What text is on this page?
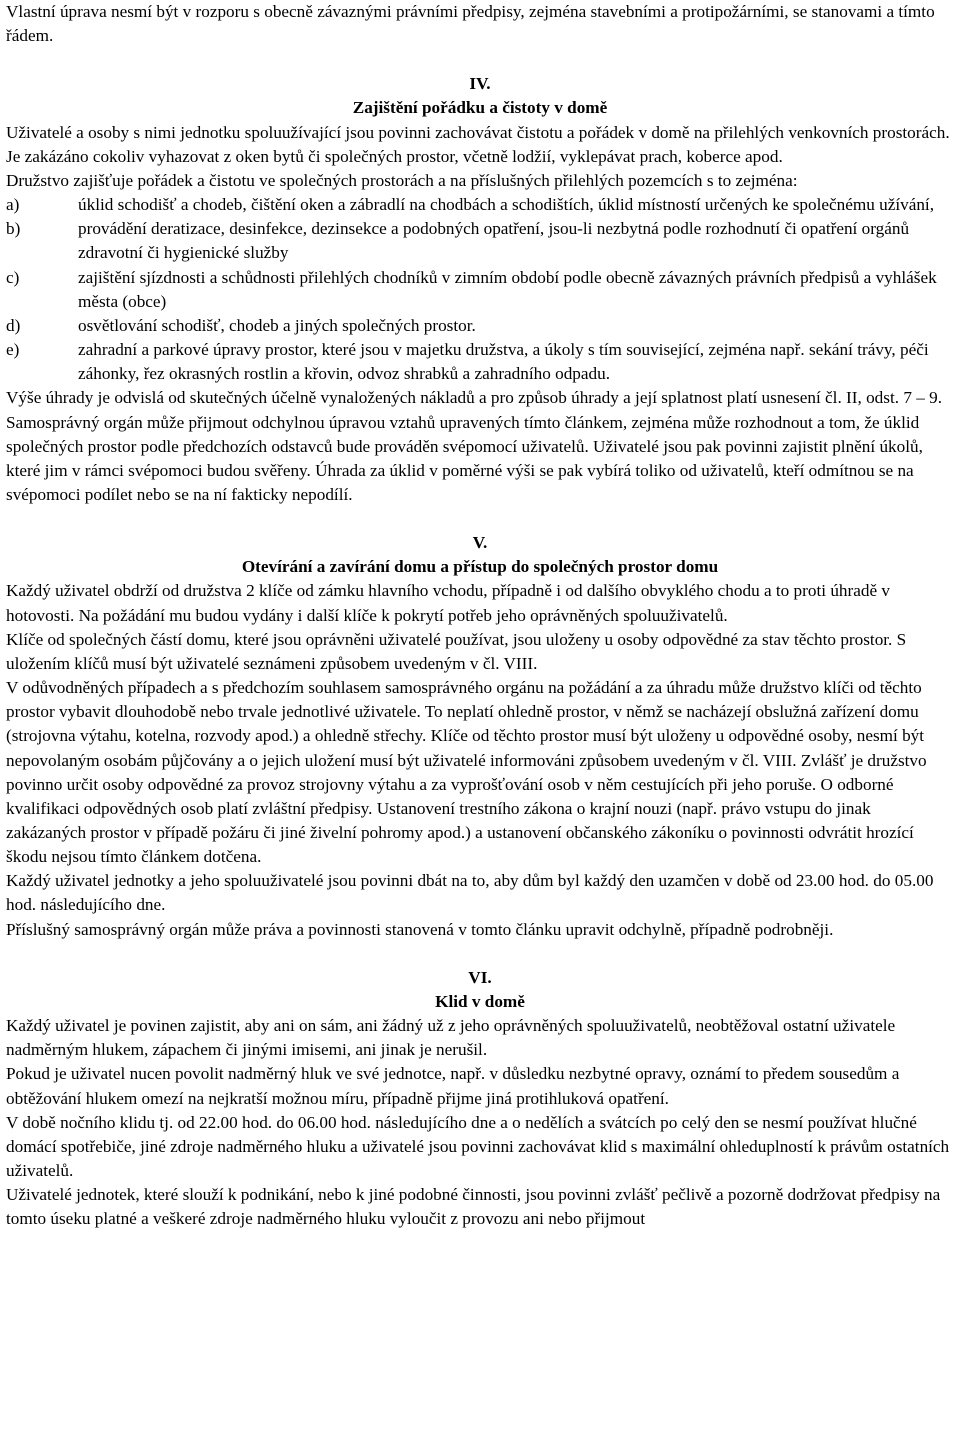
Vlastní úprava nesmí být v rozporu s obecně závaznými právními předpisy, zejména stavebními a protipožárními, se stanovami a tímto řádem.

IV.

Zajištění pořádku a čistoty v domě

Uživatelé a osoby s nimi jednotku spoluužívající jsou povinni zachovávat čistotu a pořádek v domě na přilehlých venkovních prostorách. Je zakázáno cokoliv vyhazovat z oken bytů či společných prostor, včetně lodžií, vyklepávat prach, koberce apod.

Družstvo zajišťuje pořádek a čistotu ve společných prostorách a na příslušných přilehlých pozemcích s to zejména:

a)	úklid schodišť a chodeb, čištění oken a zábradlí na chodbách a schodištích, úklid místností určených ke společnému užívání,
b)	provádění deratizace, desinfekce, dezinsekce a podobných opatření, jsou-li nezbytná podle rozhodnutí či opatření orgánů zdravotní či hygienické služby
c)	zajištění sjízdnosti a schůdnosti přilehlých chodníků v zimním období podle obecně závazných právních předpisů a vyhlášek města (obce)
d)	osvětlování schodišť, chodeb a jiných společných prostor.
e)	zahradní a parkové úpravy prostor, které jsou v majetku družstva, a úkoly s tím související, zejména např. sekání trávy, péči záhonky, řez okrasných rostlin a křovin, odvoz shrabků a zahradního odpadu.

Výše úhrady je odvislá od skutečných účelně vynaložených nákladů a pro způsob úhrady a její splatnost platí usnesení čl. II, odst. 7 – 9.

Samosprávný orgán může přijmout odchylnou úpravou vztahů upravených tímto článkem, zejména může rozhodnout a tom, že úklid společných prostor podle předchozích odstavců bude prováděn svépomocí uživatelů. Uživatelé jsou pak povinni zajistit plnění úkolů, které jim v rámci svépomoci budou svěřeny. Úhrada za úklid v poměrné výši se pak vybírá toliko od uživatelů, kteří odmítnou se na svépomoci podílet nebo se na ní fakticky nepodílí.

V.

Otevírání a zavírání domu a přístup do společných prostor domu

Každý uživatel obdrží od družstva 2 klíče od zámku hlavního vchodu, případně i od dalšího obvyklého chodu a to proti úhradě v hotovosti. Na požádání mu budou vydány i další klíče k pokrytí potřeb jeho oprávněných spoluuživatelů.

Klíče od společných částí domu, které jsou oprávněni uživatelé používat, jsou uloženy u osoby odpovědné za stav těchto prostor. S uložením klíčů musí být uživatelé seznámeni způsobem uvedeným v čl. VIII.

V odůvodněných případech a s předchozím souhlasem samosprávného orgánu na požádání a za úhradu může družstvo klíči od těchto prostor vybavit dlouhodobě nebo trvale jednotlivé uživatele. To neplatí ohledně prostor, v němž se nacházejí obslužná zařízení domu (strojovna výtahu, kotelna, rozvody apod.) a ohledně střechy. Klíče od těchto prostor musí být uloženy u odpovědné osoby, nesmí být nepovolaným osobám půjčovány a o jejich uložení musí být uživatelé informováni způsobem uvedeným v čl. VIII. Zvlášť je družstvo povinno určit osoby odpovědné za provoz strojovny výtahu a za vyprošťování osob v něm cestujících při jeho poruše. O odborné kvalifikaci odpovědných osob platí zvláštní předpisy. Ustanovení trestního zákona o krajní nouzi (např. právo vstupu do jinak zakázaných prostor v případě požáru či jiné živelní pohromy apod.) a ustanovení občanského zákoníku o povinnosti odvrátit hrozící škodu nejsou tímto článkem dotčena.

Každý uživatel jednotky a jeho spoluuživatelé jsou povinni dbát na to, aby dům byl každý den uzamčen v době od 23.00 hod. do 05.00 hod. následujícího dne.

Příslušný samosprávný orgán může práva a povinnosti stanovená v tomto článku upravit odchylně, případně podrobněji.

VI.

Klid v domě

Každý uživatel je povinen zajistit, aby ani on sám, ani žádný už z jeho oprávněných spoluuživatelů, neobtěžoval ostatní uživatele nadměrným hlukem, zápachem či jinými imisemi, ani jinak je nerušil.

Pokud je uživatel nucen povolit nadměrný hluk ve své jednotce, např. v důsledku nezbytné opravy, oznámí to předem sousedům a obtěžování hlukem omezí na nejkratší možnou míru, případně přijme jiná protihluková opatření.

V době nočního klidu tj. od 22.00 hod. do 06.00 hod. následujícího dne a o nedělích a svátcích po celý den se nesmí používat hlučné domácí spotřebiče, jiné zdroje nadměrného hluku a uživatelé jsou povinni zachovávat klid s maximální ohleduplností k právům ostatních uživatelů.

Uživatelé jednotek, které slouží k podnikání, nebo k jiné podobné činnosti, jsou povinni zvlášť pečlivě a pozorně dodržovat předpisy na tomto úseku platné a veškeré zdroje nadměrného hluku vyloučit z provozu ani nebo přijmout
